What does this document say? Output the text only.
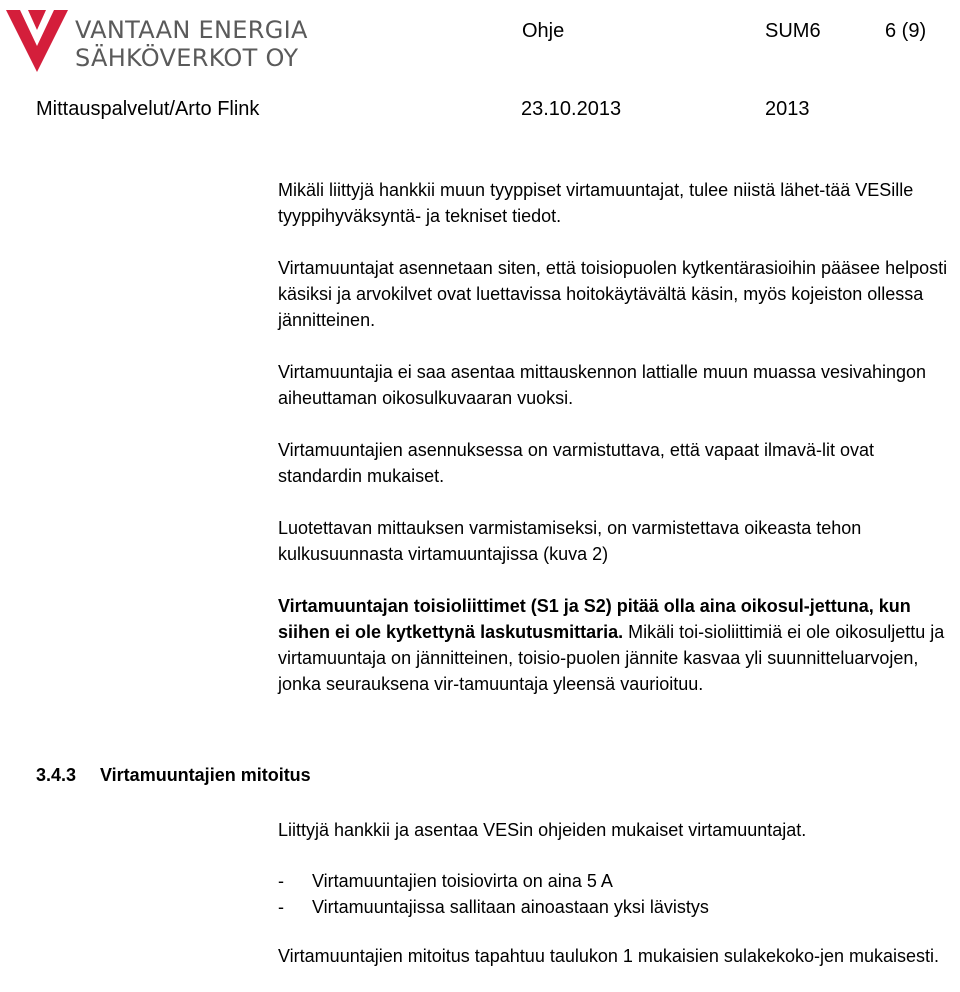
VANTAAN ENERGIA
SÄHKÖVERKOT OY
Ohje	SUM6	6 (9)
Mittauspalvelut/Arto Flink	23.10.2013	2013

Mikäli liittyjä hankkii muun tyyppiset virtamuuntajat, tulee niistä lähet-tää VESille tyyppihyväksyntä- ja tekniset tiedot.

Virtamuuntajat asennetaan siten, että toisiopuolen kytkentärasioihin pääsee helposti käsiksi ja arvokilvet ovat luettavissa hoitokäytävältä käsin, myös kojeiston ollessa jännitteinen.

Virtamuuntajia ei saa asentaa mittauskennon lattialle muun muassa vesivahingon aiheuttaman oikosulkuvaaran vuoksi.

Virtamuuntajien asennuksessa on varmistuttava, että vapaat ilmavä-lit ovat standardin mukaiset.

Luotettavan mittauksen varmistamiseksi, on varmistettava oikeasta tehon kulkusuunnasta virtamuuntajissa (kuva 2)

Virtamuuntajan toisioliittimet (S1 ja S2) pitää olla aina oikosul-jettuna, kun siihen ei ole kytkettynä laskutusmittaria. Mikäli toi-sioliittimiä ei ole oikosuljettu ja virtamuuntaja on jännitteinen, toisio-puolen jännite kasvaa yli suunnitteluarvojen, jonka seurauksena vir-tamuuntaja yleensä vaurioituu.

3.4.3 Virtamuuntajien mitoitus

Liittyjä hankkii ja asentaa VESin ohjeiden mukaiset virtamuuntajat.

-	Virtamuuntajien toisiovirta on aina 5 A
-	Virtamuuntajissa sallitaan ainoastaan yksi lävistys

Virtamuuntajien mitoitus tapahtuu taulukon 1 mukaisien sulakekoko-jen mukaisesti.
